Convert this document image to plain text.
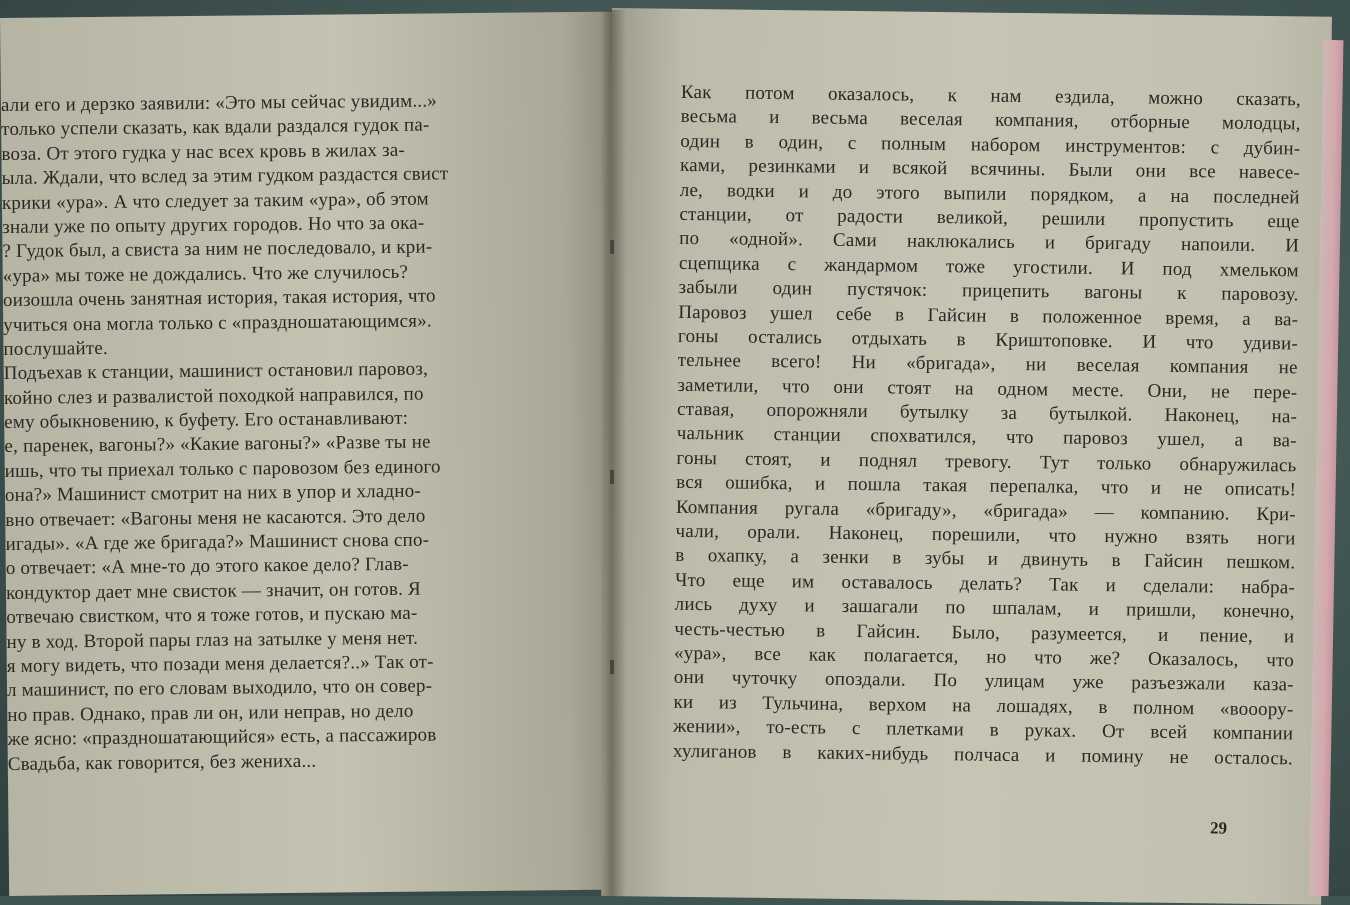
али его и дерзко заявили: «Это мы сейчас увидим...»
только успели сказать, как вдали раздался гудок па-
воза. От этого гудка у нас всех кровь в жилах за-
ыла. Ждали, что вслед за этим гудком раздастся свист
крики «ура». А что следует за таким «ура», об этом
знали уже по опыту других городов. Но что за ока-
? Гудок был, а свиста за ним не последовало, и кри-
«ура» мы тоже не дождались. Что же случилось?
оизошла очень занятная история, такая история, что
учиться она могла только с «праздношатающимся».
послушайте.
Подъехав к станции, машинист остановил паровоз,
койно слез и развалистой походкой направился, по
ему обыкновению, к буфету. Его останавливают:
е, паренек, вагоны?» «Какие вагоны?» «Разве ты не
ишь, что ты приехал только с паровозом без единого
она?» Машинист смотрит на них в упор и хладно-
вно отвечает: «Вагоны меня не касаются. Это дело
игады». «А где же бригада?» Машинист снова спо-
о отвечает: «А мне-то до этого какое дело? Глав-
кондуктор дает мне свисток — значит, он готов. Я
отвечаю свистком, что я тоже готов, и пускаю ма-
ну в ход. Второй пары глаз на затылке у меня нет.
я могу видеть, что позади меня делается?..» Так от-
л машинист, по его словам выходило, что он совер-
но прав. Однако, прав ли он, или неправ, но дело
же ясно: «праздношатающийся» есть, а пассажиров
Свадьба, как говорится, без жениха...
Как потом оказалось, к нам ездила, можно сказать,
весьма и весьма веселая компания, отборные молодцы,
один в один, с полным набором инструментов: с дубин-
ками, резинками и всякой всячины. Были они все навесе-
ле, водки и до этого выпили порядком, а на последней
станции, от радости великой, решили пропустить еще
по «одной». Сами наклюкались и бригаду напоили. И
сцепщика с жандармом тоже угостили. И под хмельком
забыли один пустячок: прицепить вагоны к паровозу.
Паровоз ушел себе в Гайсин в положенное время, а ва-
гоны остались отдыхать в Криштоповке. И что удиви-
тельнее всего! Ни «бригада», ни веселая компания не
заметили, что они стоят на одном месте. Они, не пере-
ставая, опорожняли бутылку за бутылкой. Наконец, на-
чальник станции спохватился, что паровоз ушел, а ва-
гоны стоят, и поднял тревогу. Тут только обнаружилась
вся ошибка, и пошла такая перепалка, что и не описать!
Компания ругала «бригаду», «бригада» — компанию. Кри-
чали, орали. Наконец, порешили, что нужно взять ноги
в охапку, а зенки в зубы и двинуть в Гайсин пешком.
Что еще им оставалось делать? Так и сделали: набра-
лись духу и зашагали по шпалам, и пришли, конечно,
честь-честью в Гайсин. Было, разумеется, и пение, и
«ура», все как полагается, но что же? Оказалось, что
они чуточку опоздали. По улицам уже разъезжали каза-
ки из Тульчина, верхом на лошадях, в полном «вооору-
жении», то-есть с плетками в руках. От всей компании
хулиганов в каких-нибудь полчаса и помину не осталось.
29
